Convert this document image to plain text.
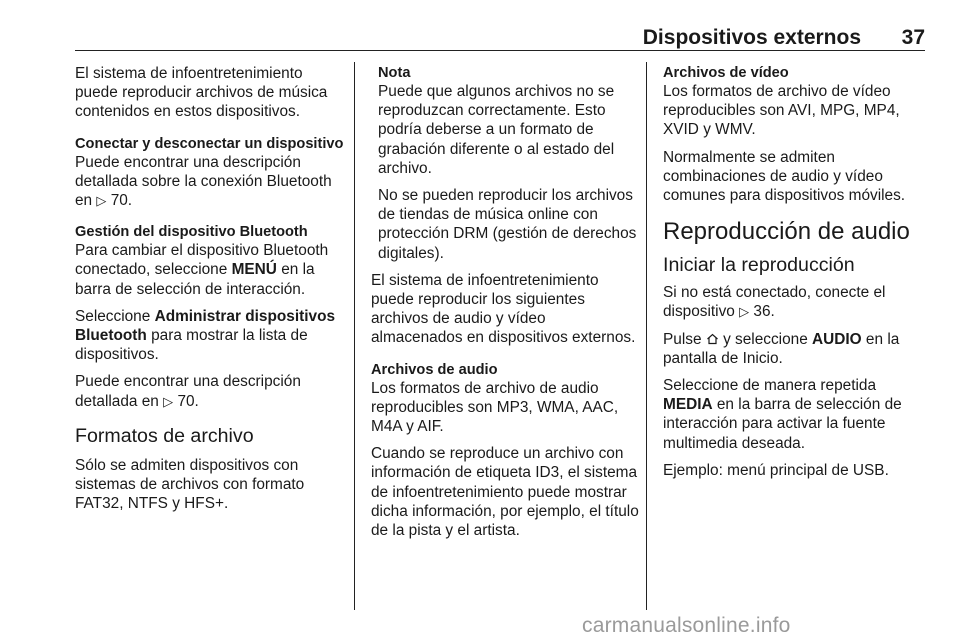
Dispositivos externos 37

El sistema de infoentretenimiento puede reproducir archivos de música contenidos en estos dispositivos.

Conectar y desconectar un dispositivo

Puede encontrar una descripción detallada sobre la conexión Bluetooth en ▷ 70.

Gestión del dispositivo Bluetooth

Para cambiar el dispositivo Bluetooth conectado, seleccione MENÚ en la barra de selección de interacción.

Seleccione Administrar dispositivos Bluetooth para mostrar la lista de dispositivos.

Puede encontrar una descripción detallada en ▷ 70.

Formatos de archivo

Sólo se admiten dispositivos con sistemas de archivos con formato FAT32, NTFS y HFS+.

Nota

Puede que algunos archivos no se reproduzcan correctamente. Esto podría deberse a un formato de grabación diferente o al estado del archivo.

No se pueden reproducir los archivos de tiendas de música online con protección DRM (gestión de derechos digitales).

El sistema de infoentretenimiento puede reproducir los siguientes archivos de audio y vídeo almacenados en dispositivos externos.

Archivos de audio

Los formatos de archivo de audio reproducibles son MP3, WMA, AAC, M4A y AIF.

Cuando se reproduce un archivo con información de etiqueta ID3, el sistema de infoentretenimiento puede mostrar dicha información, por ejemplo, el título de la pista y el artista.

Archivos de vídeo

Los formatos de archivo de vídeo reproducibles son AVI, MPG, MP4, XVID y WMV.

Normalmente se admiten combinaciones de audio y vídeo comunes para dispositivos móviles.

Reproducción de audio
Iniciar la reproducción

Si no está conectado, conecte el dispositivo ▷ 36.

Pulse y seleccione AUDIO en la pantalla de Inicio.

Seleccione de manera repetida MEDIA en la barra de selección de interacción para activar la fuente multimedia deseada.

Ejemplo: menú principal de USB.

carmanualsonline.info
